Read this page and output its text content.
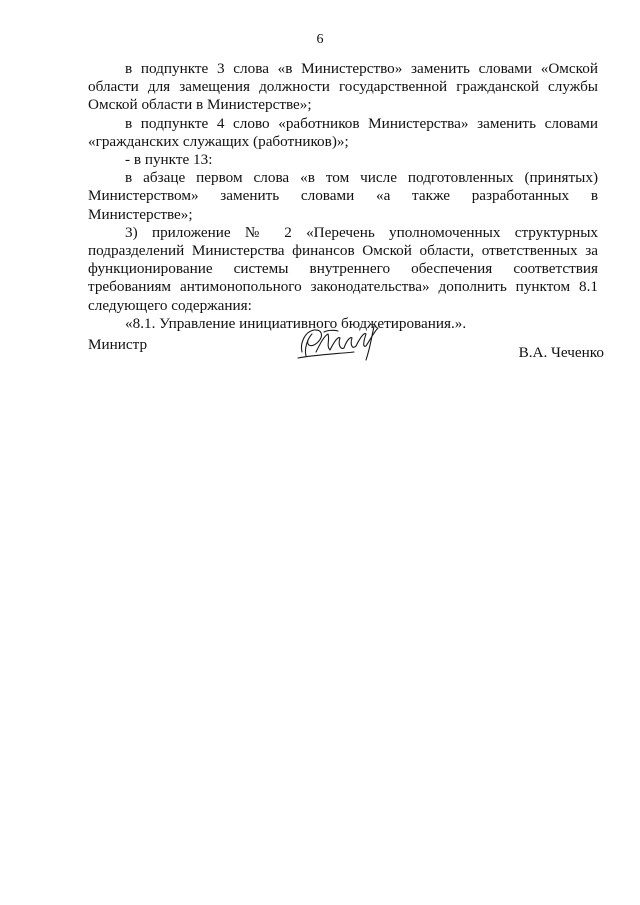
6

в подпункте 3 слова «в Министерство» заменить словами «Омской области для замещения должности государственной гражданской службы Омской области в Министерстве»;

в подпункте 4 слово «работников Министерства» заменить словами «гражданских служащих (работников)»;

- в пункте 13:

в абзаце первом слова «в том числе подготовленных (принятых) Министерством» заменить словами «а также разработанных в Министерстве»;

3) приложение № 2 «Перечень уполномоченных структурных подразделений Министерства финансов Омской области, ответственных за функционирование системы внутреннего обеспечения соответствия требованиям антимонопольного законодательства» дополнить пунктом 8.1 следующего содержания:

«8.1. Управление инициативного бюджетирования.».

Министр	В.А. Чеченко
